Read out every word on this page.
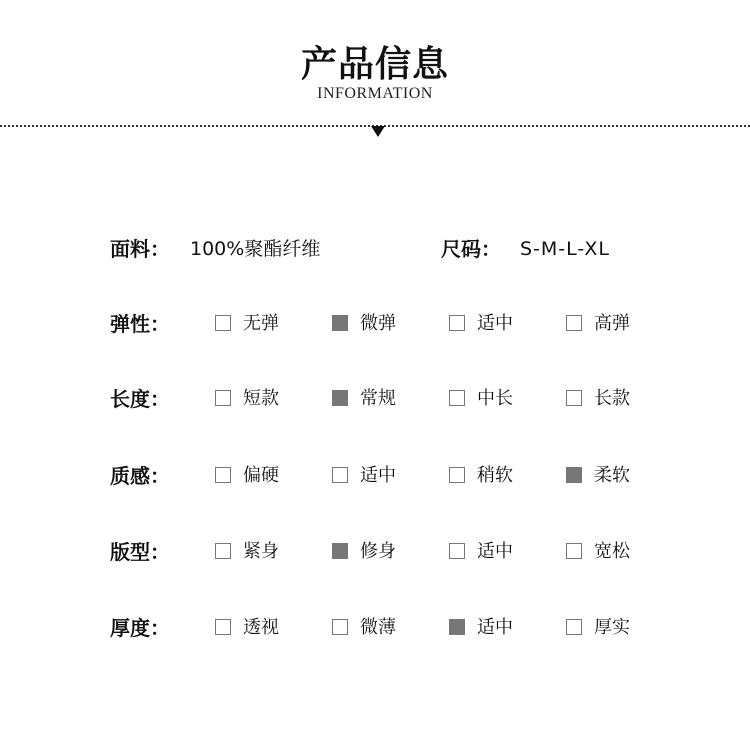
产品信息
INFORMATION
面料： 100%聚酯纤维	尺码： S-M-L-XL
弹性：	无弹	微弹	适中	高弹
长度：	短款	常规	中长	长款
质感：	偏硬	适中	稍软	柔软
版型：	紧身	修身	适中	宽松
厚度：	透视	微薄	适中	厚实
